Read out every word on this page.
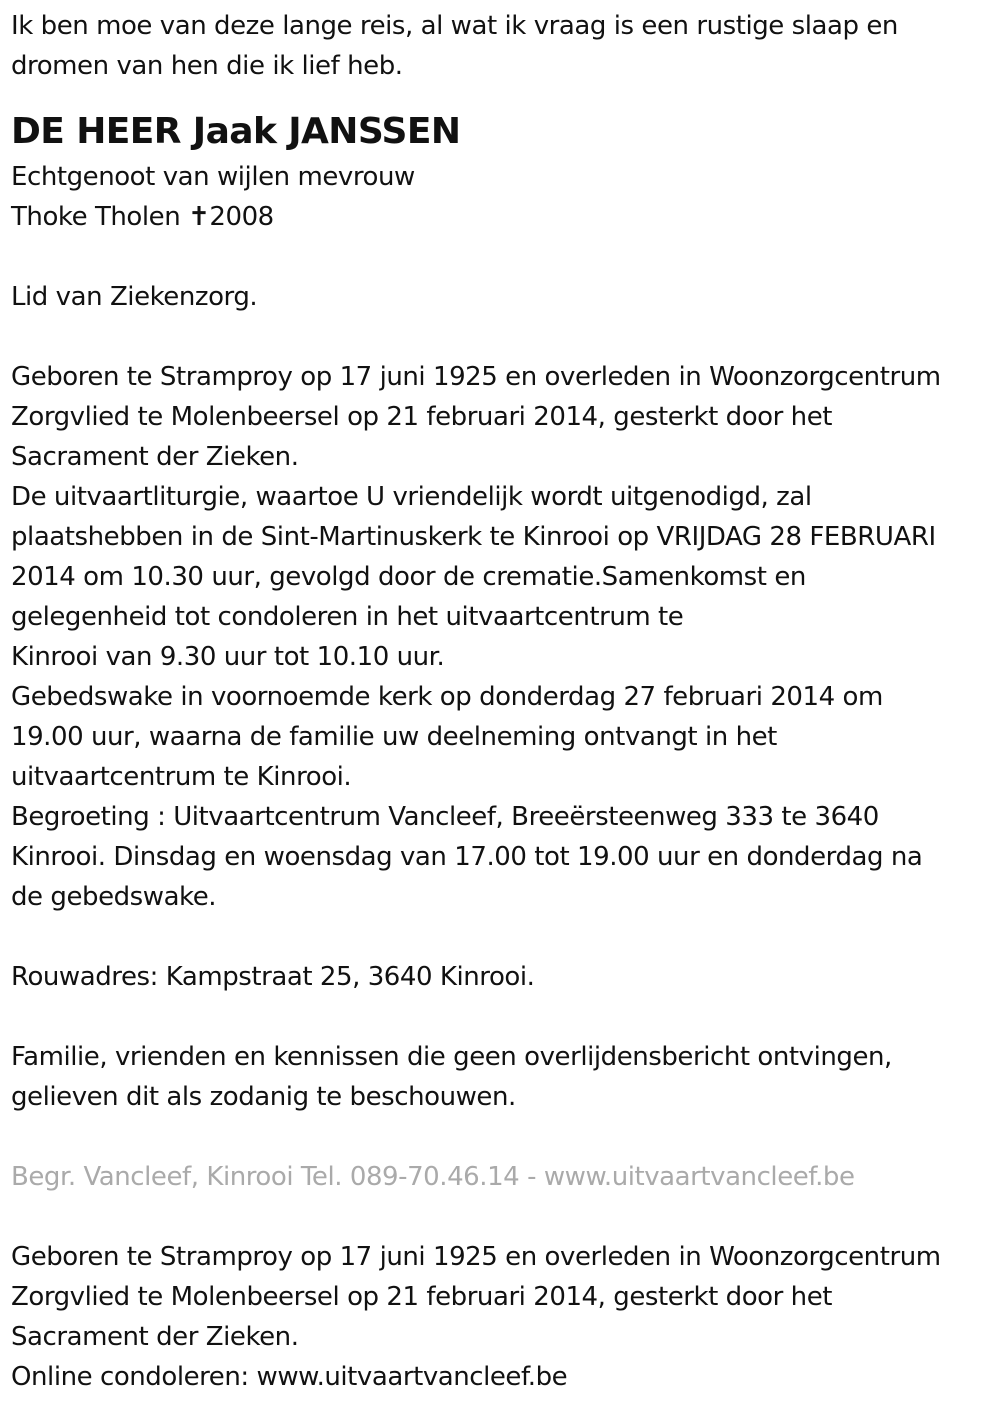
Ik ben moe van deze lange reis, al wat ik vraag is een rustige slaap en
dromen van hen die ik lief heb.
DE HEER Jaak JANSSEN
Echtgenoot van wijlen mevrouw
Thoke Tholen ✝2008
Lid van Ziekenzorg.
Geboren te Stramproy op 17 juni 1925 en overleden in Woonzorgcentrum
Zorgvlied te Molenbeersel op 21 februari 2014, gesterkt door het
Sacrament der Zieken.
De uitvaartliturgie, waartoe U vriendelijk wordt uitgenodigd, zal
plaatshebben in de Sint-Martinuskerk te Kinrooi op VRIJDAG 28 FEBRUARI
2014 om 10.30 uur, gevolgd door de crematie.Samenkomst en
gelegenheid tot condoleren in het uitvaartcentrum te
Kinrooi van 9.30 uur tot 10.10 uur.
Gebedswake in voornoemde kerk op donderdag 27 februari 2014 om
19.00 uur, waarna de familie uw deelneming ontvangt in het
uitvaartcentrum te Kinrooi.
Begroeting : Uitvaartcentrum Vancleef, Breeërsteenweg 333 te 3640
Kinrooi. Dinsdag en woensdag van 17.00 tot 19.00 uur en donderdag na
de gebedswake.
Rouwadres: Kampstraat 25, 3640 Kinrooi.
Familie, vrienden en kennissen die geen overlijdensbericht ontvingen,
gelieven dit als zodanig te beschouwen.
Begr. Vancleef, Kinrooi Tel. 089-70.46.14 - www.uitvaartvancleef.be
Geboren te Stramproy op 17 juni 1925 en overleden in Woonzorgcentrum
Zorgvlied te Molenbeersel op 21 februari 2014, gesterkt door het
Sacrament der Zieken.
Online condoleren: www.uitvaartvancleef.be
